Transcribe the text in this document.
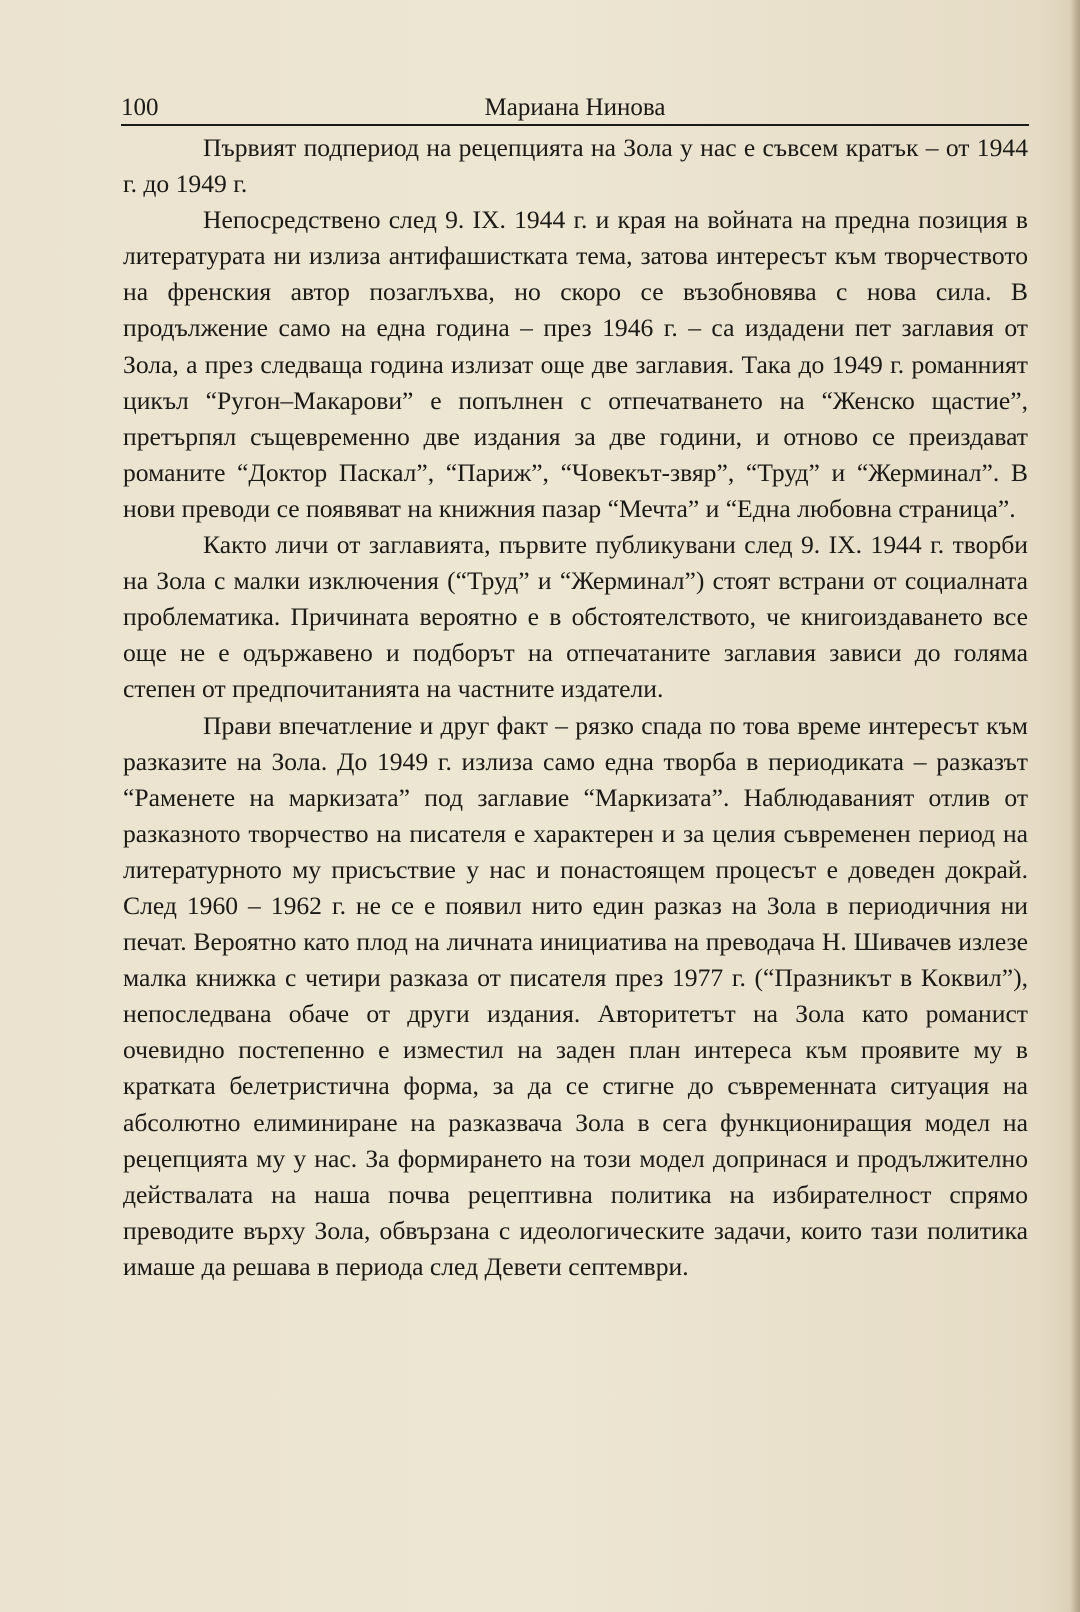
100	Мариана Нинова

Първият подпериод на рецепцията на Зола у нас е съвсем кратък – от 1944 г. до 1949 г.

Непосредствено след 9. IX. 1944 г. и края на войната на предна позиция в литературата ни излиза антифашистката тема, затова интересът към творчеството на френския автор позаглъхва, но скоро се възобновява с нова сила. В продължение само на една година – през 1946 г. – са издадени пет заглавия от Зола, а през следваща година излизат още две заглавия. Така до 1949 г. романният цикъл “Ругон–Макарови” е попълнен с отпечатването на “Женско щастие”, претърпял същевременно две издания за две години, и отново се преиздават романите “Доктор Паскал”, “Париж”, “Човекът-звяр”, “Труд” и “Жерминал”. В нови преводи се появяват на книжния пазар “Мечта” и “Една любовна страница”.

Както личи от заглавията, първите публикувани след 9. IX. 1944 г. творби на Зола с малки изключения (“Труд” и “Жерминал”) стоят встрани от социалната проблематика. Причината вероятно е в обстоятелството, че книгоиздаването все още не е одържавено и подборът на отпечатаните заглавия зависи до голяма степен от предпочитанията на частните издатели.

Прави впечатление и друг факт – рязко спада по това време интересът към разказите на Зола. До 1949 г. излиза само една творба в периодиката – разказът “Раменете на маркизата” под заглавие “Маркизата”. Наблюдаваният отлив от разказното творчество на писателя е характерен и за целия съвременен период на литературното му присъствие у нас и понастоящем процесът е доведен докрай. След 1960 – 1962 г. не се е появил нито един разказ на Зола в периодичния ни печат. Вероятно като плод на личната инициатива на преводача Н. Шивачев излезе малка книжка с четири разказа от писателя през 1977 г. (“Празникът в Кoквил”), непоследвана обаче от други издания. Авторитетът на Зола като романист очевидно постепенно е изместил на заден план интереса към проявите му в кратката белетристична форма, за да се стигне до съвременната ситуация на абсолютно елиминиране на разказвача Зола в сега функциониращия модел на рецепцията му у нас. За формирането на този модел допринася и продължително действалата на наша почва рецептивна политика на избирателност спрямо преводите върху Зола, обвързана с идеологическите задачи, които тази политика имаше да решава в периода след Девети септември.
